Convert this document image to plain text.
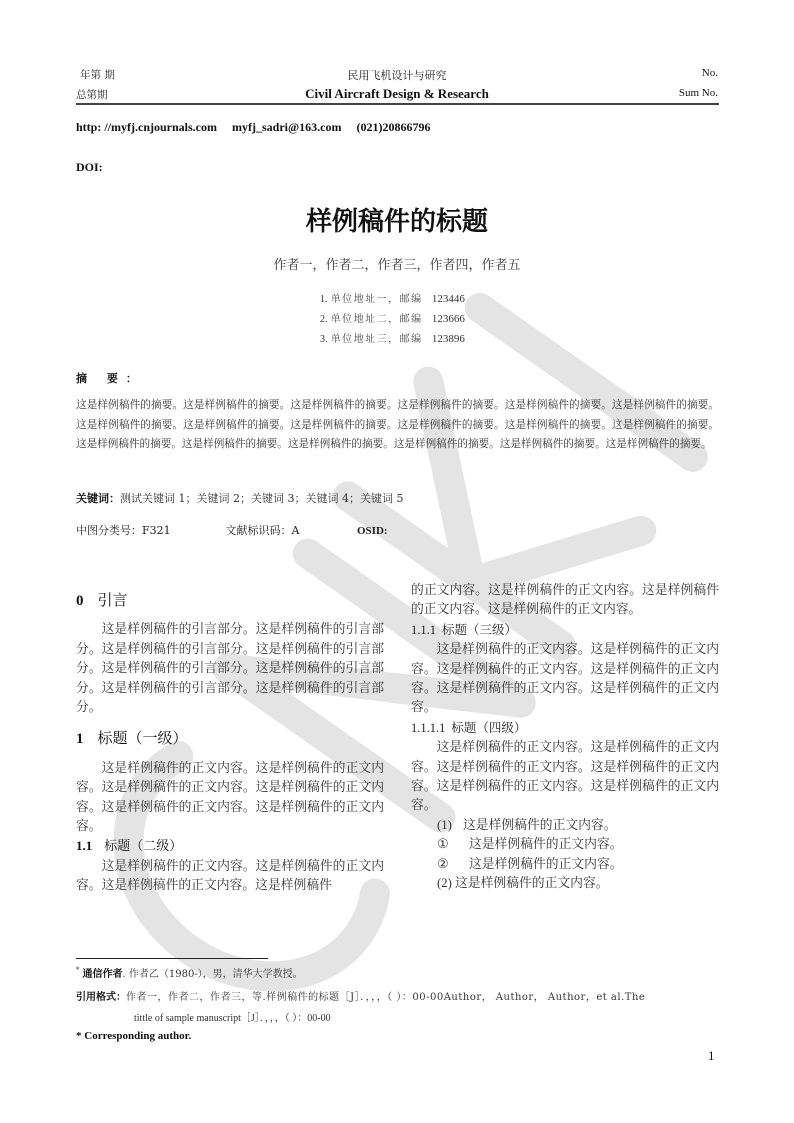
年第 期
总第期
民用飞机设计与研究
Civil Aircraft Design & Research
No.
Sum No.
http: //myfj.cnjournals.com myfj_sadri@163.com (021)20866796
DOI:
样例稿件的标题
作者一，作者二，作者三，作者四，作者五
1. 单位地址一，邮编 123446
2. 单位地址二，邮编 123666
3. 单位地址三，邮编 123896
摘 要：
这是样例稿件的摘要。这是样例稿件的摘要。这是样例稿件的摘要。这是样例稿件的摘要。这是样例稿件的摘要。这是样例稿件的摘要。这是样例稿件的摘要。这是样例稿件的摘要。这是样例稿件的摘要。这是样例稿件的摘要。这是样例稿件的摘要。这是样例稿件的摘要。这是样例稿件的摘要。这是样例稿件的摘要。这是样例稿件的摘要。这是样例稿件的摘要。这是样例稿件的摘要。这是样例稿件的摘要。
关键词：测试关键词 1；关键词 2；关键词 3；关键词 4；关键词 5
中图分类号：F321	文献标识码：A	OSID:
0 引言
这是样例稿件的引言部分。这是样例稿件的引言部分。这是样例稿件的引言部分。这是样例稿件的引言部分。这是样例稿件的引言部分。这是样例稿件的引言部分。这是样例稿件的引言部分。这是样例稿件的引言部分。
1 标题（一级）
这是样例稿件的正文内容。这是样例稿件的正文内容。这是样例稿件的正文内容。这是样例稿件的正文内容。这是样例稿件的正文内容。这是样例稿件的正文内容。
1.1 标题（二级）
这是样例稿件的正文内容。这是样例稿件的正文内容。这是样例稿件的正文内容。这是样例稿件
的正文内容。这是样例稿件的正文内容。这是样例稿件的正文内容。这是样例稿件的正文内容。
1.1.1 标题（三级）
这是样例稿件的正文内容。这是样例稿件的正文内容。这是样例稿件的正文内容。这是样例稿件的正文内容。这是样例稿件的正文内容。这是样例稿件的正文内容。
1.1.1.1 标题（四级）
这是样例稿件的正文内容。这是样例稿件的正文内容。这是样例稿件的正文内容。这是样例稿件的正文内容。这是样例稿件的正文内容。这是样例稿件的正文内容。
(1) 这是样例稿件的正文内容。
① 这是样例稿件的正文内容。
② 这是样例稿件的正文内容。
(2) 这是样例稿件的正文内容。
* 通信作者. 作者乙（1980-），男，清华大学教授。
引用格式：作者一，作者二，作者三，等.样例稿件的标题［J］．，，，（ ）：00-00Author， Author， Author，et al.The
tittle of sample manuscript［J］．，，，（ ）：00-00
* Corresponding author.
1
